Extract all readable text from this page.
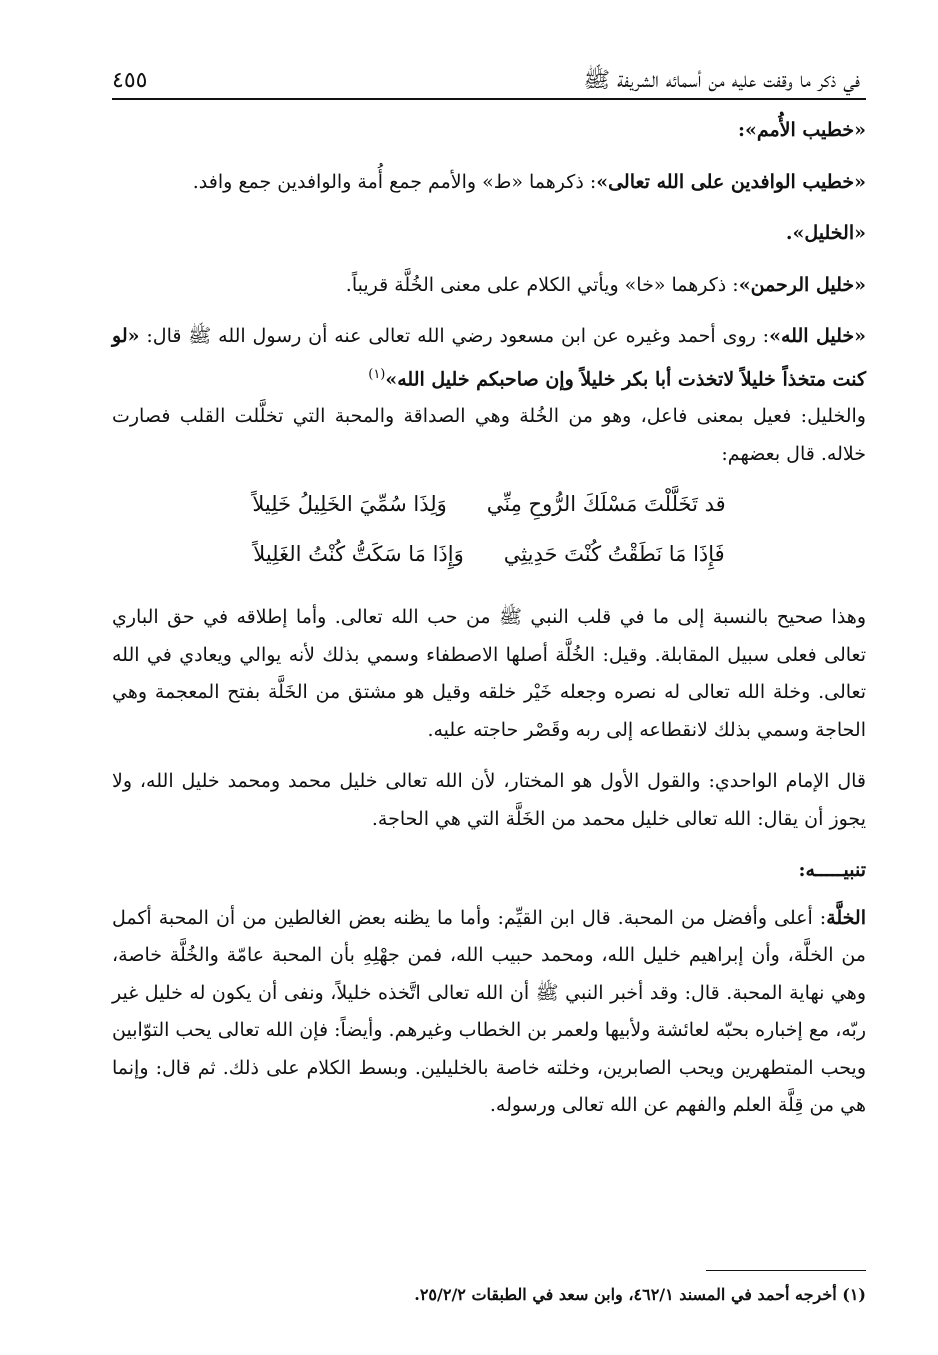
في ذكر ما وقفت عليه من أسمائه الشريفة ﷺ
٤٥٥

«خطيب الأُمم»:

«خطيب الوافدين على الله تعالى»: ذكرهما «ط» والأمم جمع أُمة والوافدين جمع وافد.

«الخليل».

«خليل الرحمن»: ذكرهما «خا» ويأتي الكلام على معنى الخُلَّة قريباً.

«خليل الله»: روى أحمد وغيره عن ابن مسعود رضي الله تعالى عنه أن رسول الله ﷺ قال: «لو كنت متخذاً خليلاً لاتخذت أبا بكر خليلاً وإن صاحبكم خليل الله»$^{(١)}$

والخليل: فعيل بمعنى فاعل، وهو من الخُلة وهي الصداقة والمحبة التي تخلَّلت القلب فصارت خلاله. قال بعضهم:

قد تَخَلَّلْتَ مَسْلَكَ الرُّوحِ مِنِّي
وَلِذَا سُمِّيَ الخَلِيلُ خَلِيلاً
فَإِذَا مَا نَطَقْتُ كُنْتَ حَدِيثِي
وَإِذَا مَا سَكَتُّ كُنْتُ الغَلِيلاً

وهذا صحيح بالنسبة إلى ما في قلب النبي ﷺ من حب الله تعالى. وأما إطلاقه في حق الباري تعالى فعلى سبيل المقابلة. وقيل: الخُلَّة أصلها الاصطفاء وسمي بذلك لأنه يوالي ويعادي في الله تعالى. وخلة الله تعالى له نصره وجعله خَيْر خلقه وقيل هو مشتق من الخَلَّة بفتح المعجمة وهي الحاجة وسمي بذلك لانقطاعه إلى ربه وقَصْر حاجته عليه.

قال الإمام الواحدي: والقول الأول هو المختار، لأن الله تعالى خليل محمد ومحمد خليل الله، ولا يجوز أن يقال: الله تعالى خليل محمد من الخَلَّة التي هي الحاجة.

تنبيـــــه:

الخلَّة: أعلى وأفضل من المحبة. قال ابن القيِّم: وأما ما يظنه بعض الغالطين من أن المحبة أكمل من الخلَّة، وأن إبراهيم خليل الله، ومحمد حبيب الله، فمن جهْلِهِ بأن المحبة عامّة والخُلَّة خاصة، وهي نهاية المحبة. قال: وقد أخبر النبي ﷺ أن الله تعالى اتَّخذه خليلاً، ونفى أن يكون له خليل غير ربّه، مع إخباره بحبّه لعائشة ولأبيها ولعمر بن الخطاب وغيرهم. وأيضاً: فإن الله تعالى يحب التوّابين ويحب المتطهرين ويحب الصابرين، وخلته خاصة بالخليلين. وبسط الكلام على ذلك. ثم قال: وإنما هي من قِلَّة العلم والفهم عن الله تعالى ورسوله.

(١) أخرجه أحمد في المسند ٤٦٢/١، وابن سعد في الطبقات ٢٥/٢/٢.
